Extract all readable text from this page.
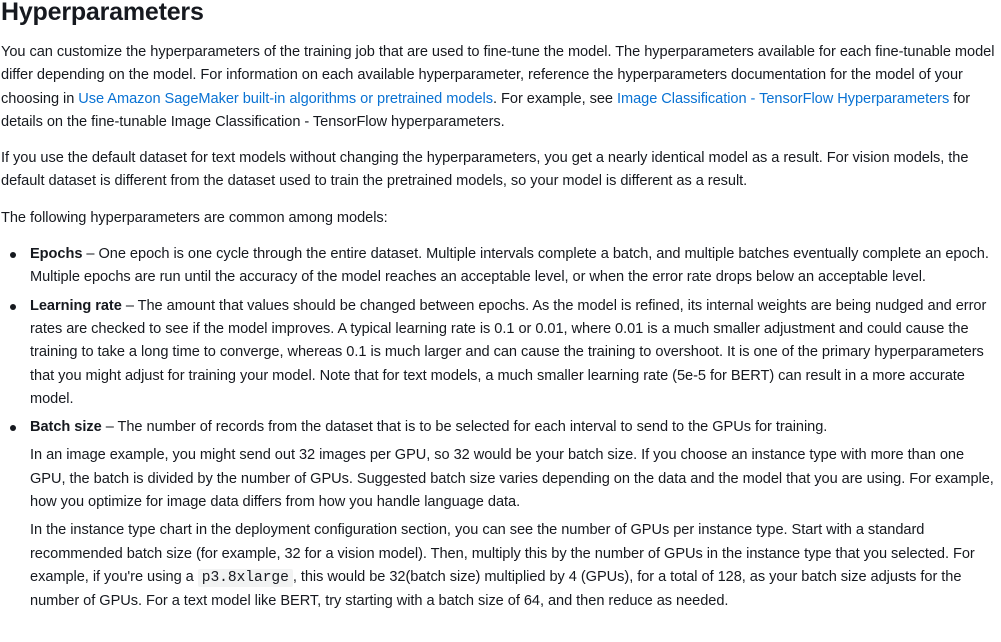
Hyperparameters

You can customize the hyperparameters of the training job that are used to fine-tune the model. The hyperparameters available for each fine-tunable model differ depending on the model. For information on each available hyperparameter, reference the hyperparameters documentation for the model of your choosing in Use Amazon SageMaker built-in algorithms or pretrained models. For example, see Image Classification - TensorFlow Hyperparameters for details on the fine-tunable Image Classification - TensorFlow hyperparameters.

If you use the default dataset for text models without changing the hyperparameters, you get a nearly identical model as a result. For vision models, the default dataset is different from the dataset used to train the pretrained models, so your model is different as a result.

The following hyperparameters are common among models:

Epochs – One epoch is one cycle through the entire dataset. Multiple intervals complete a batch, and multiple batches eventually complete an epoch. Multiple epochs are run until the accuracy of the model reaches an acceptable level, or when the error rate drops below an acceptable level.
Learning rate – The amount that values should be changed between epochs. As the model is refined, its internal weights are being nudged and error rates are checked to see if the model improves. A typical learning rate is 0.1 or 0.01, where 0.01 is a much smaller adjustment and could cause the training to take a long time to converge, whereas 0.1 is much larger and can cause the training to overshoot. It is one of the primary hyperparameters that you might adjust for training your model. Note that for text models, a much smaller learning rate (5e-5 for BERT) can result in a more accurate model.
Batch size – The number of records from the dataset that is to be selected for each interval to send to the GPUs for training.

In an image example, you might send out 32 images per GPU, so 32 would be your batch size. If you choose an instance type with more than one GPU, the batch is divided by the number of GPUs. Suggested batch size varies depending on the data and the model that you are using. For example, how you optimize for image data differs from how you handle language data.

In the instance type chart in the deployment configuration section, you can see the number of GPUs per instance type. Start with a standard recommended batch size (for example, 32 for a vision model). Then, multiply this by the number of GPUs in the instance type that you selected. For example, if you're using a p3.8xlarge , this would be 32(batch size) multiplied by 4 (GPUs), for a total of 128, as your batch size adjusts for the number of GPUs. For a text model like BERT, try starting with a batch size of 64, and then reduce as needed.
